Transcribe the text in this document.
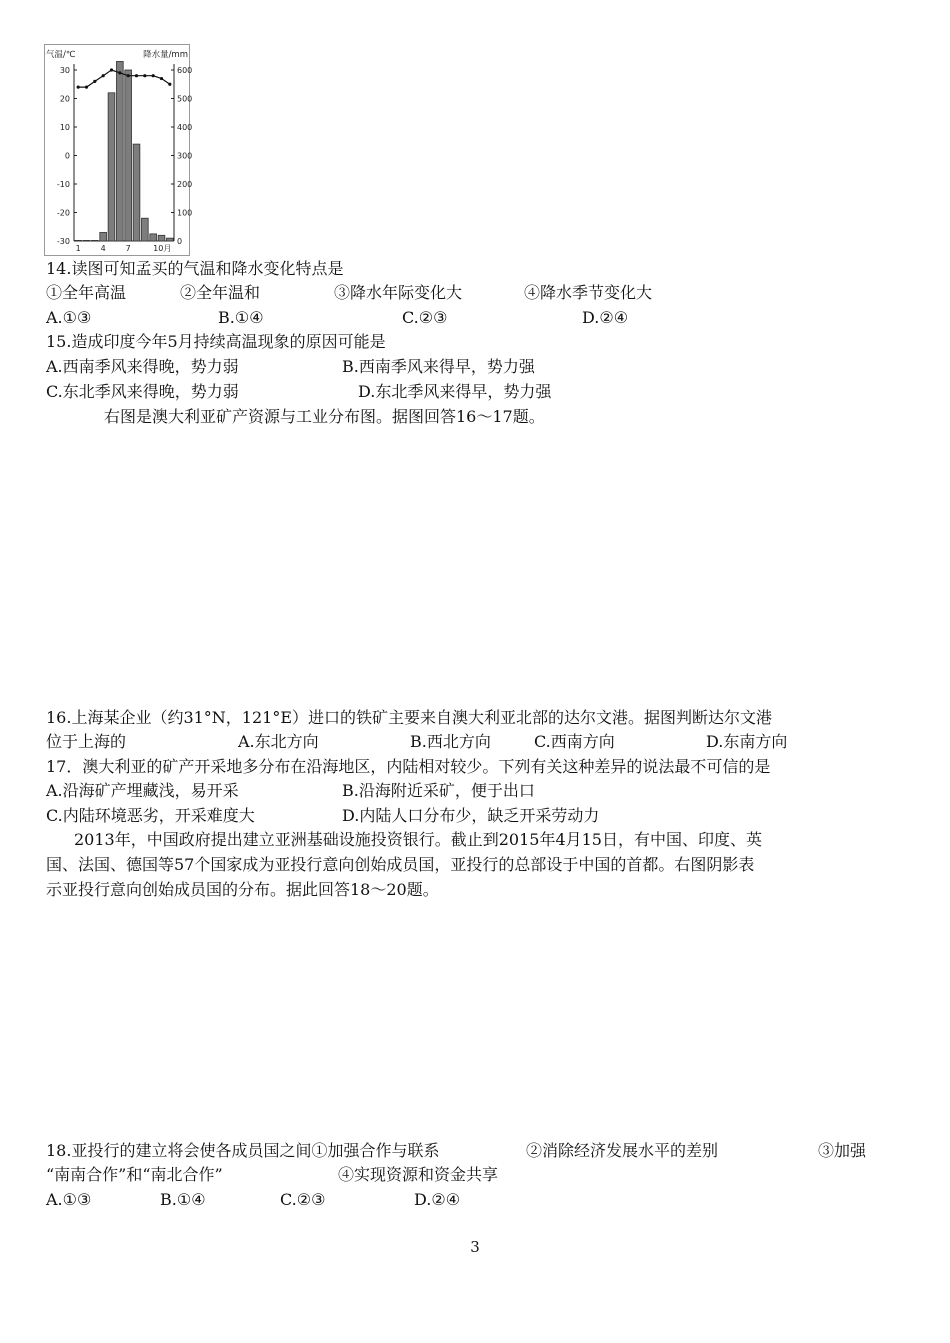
气温/℃	降水量/mm
30
20
10
0
-10
-20
-30
600
500
400
300
200
100
0
1 4 7	10月
14.读图可知孟买的气温和降水变化特点是
①全年高温	②全年温和	③降水年际变化大	④降水季节变化大
A.①③	B.①④	C.②③	D.②④
15.造成印度今年5月持续高温现象的原因可能是
A.西南季风来得晚，势力弱	B.西南季风来得早，势力强
C.东北季风来得晚，势力弱	D.东北季风来得早，势力强
右图是澳大利亚矿产资源与工业分布图。据图回答16～17题。
16.上海某企业（约31°N，121°E）进口的铁矿主要来自澳大利亚北部的达尔文港。据图判断达尔文港
位于上海的	A.东北方向	B.西北方向	C.西南方向	D.东南方向
17．澳大利亚的矿产开采地多分布在沿海地区，内陆相对较少。下列有关这种差异的说法最不可信的是
A.沿海矿产埋藏浅，易开采	B.沿海附近采矿，便于出口
C.内陆环境恶劣，开采难度大	D.内陆人口分布少，缺乏开采劳动力
2013年，中国政府提出建立亚洲基础设施投资银行。截止到2015年4月15日，有中国、印度、英
国、法国、德国等57个国家成为亚投行意向创始成员国，亚投行的总部设于中国的首都。右图阴影表
示亚投行意向创始成员国的分布。据此回答18～20题。
18.亚投行的建立将会使各成员国之间①加强合作与联系	②消除经济发展水平的差别	③加强
“南南合作”和“南北合作”	④实现资源和资金共享
A.①③	B.①④	C.②③	D.②④
3
